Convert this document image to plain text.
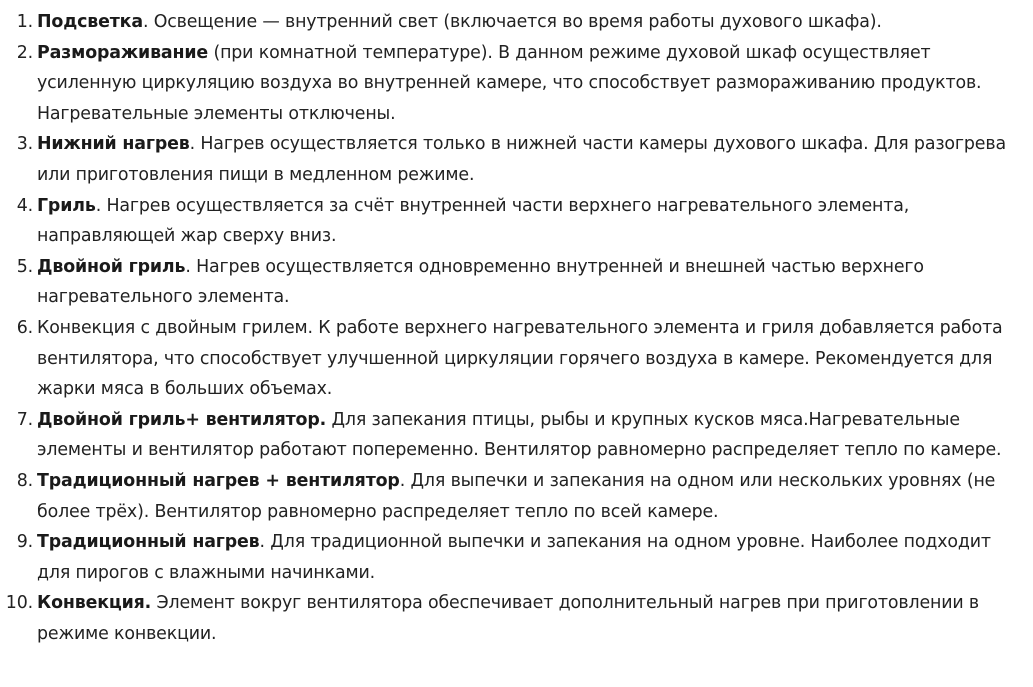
1. Подсветка. Освещение — внутренний свет (включается во время работы духового шкафа).
2. Размораживание (при комнатной температуре). В данном режиме духовой шкаф осуществляет усиленную циркуляцию воздуха во внутренней камере, что способствует размораживанию продуктов. Нагревательные элементы отключены.
3. Нижний нагрев. Нагрев осуществляется только в нижней части камеры духового шкафа. Для разогрева или приготовления пищи в медленном режиме.
4. Гриль. Нагрев осуществляется за счёт внутренней части верхнего нагревательного элемента, направляющей жар сверху вниз.
5. Двойной гриль. Нагрев осуществляется одновременно внутренней и внешней частью верхнего нагревательного элемента.
6. Конвекция с двойным грилем. К работе верхнего нагревательного элемента и гриля добавляется работа вентилятора, что способствует улучшенной циркуляции горячего воздуха в камере. Рекомендуется для жарки мяса в больших объемах.
7. Двойной гриль+ вентилятор. Для запекания птицы, рыбы и крупных кусков мяса.Нагревательные элементы и вентилятор работают попеременно. Вентилятор равномерно распределяет тепло по камере.
8. Традиционный нагрев + вентилятор. Для выпечки и запекания на одном или нескольких уровнях (не более трёх). Вентилятор равномерно распределяет тепло по всей камере.
9. Традиционный нагрев. Для традиционной выпечки и запекания на одном уровне. Наиболее подходит для пирогов с влажными начинками.
10. Конвекция. Элемент вокруг вентилятора обеспечивает дополнительный нагрев при приготовлении в режиме конвекции.
